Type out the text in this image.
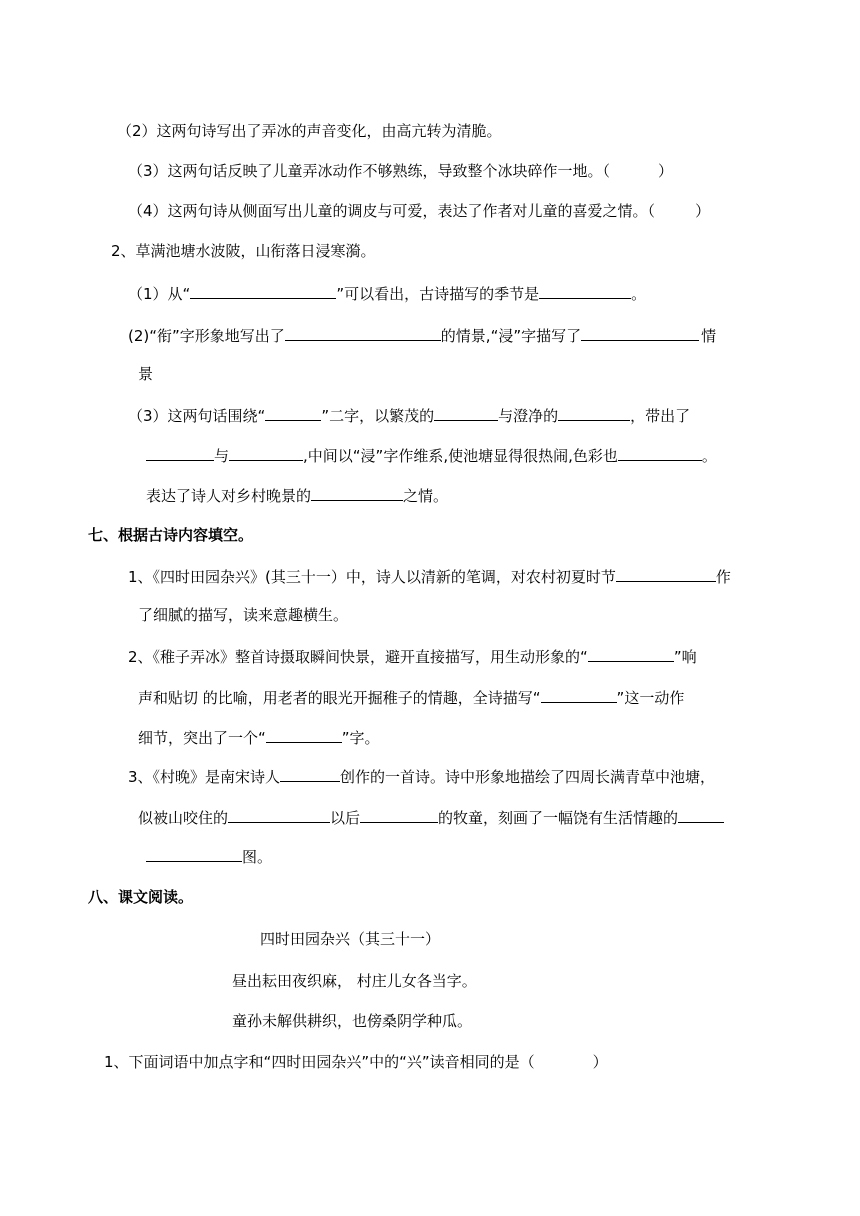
（2）这两句诗写出了弄冰的声音变化，由高亢转为清脆。
（3）这两句话反映了儿童弄冰动作不够熟练，导致整个冰块碎作一地。（	）
（4）这两句诗从侧面写出儿童的调皮与可爱，表达了作者对儿童的喜爱之情。（	）
2、草满池塘水波陂，山衔落日浸寒漪。
（1）从“	”可以看出，古诗描写的季节是	。
(2)“衔”字形象地写出了	的情景,“浸”字描写了	情
景
（3）这两句话围绕“	”二字，以繁茂的	与澄净的	，带出了
与	,中间以“浸”字作维系,使池塘显得很热闹,色彩也	。
表达了诗人对乡村晚景的	之情。
七、根据古诗内容填空。
1、《四时田园杂兴》(其三十一）中，诗人以清新的笔调，对农村初夏时节	作
了细腻的描写，读来意趣横生。
2、《稚子弄冰》整首诗摄取瞬间快景，避开直接描写，用生动形象的“	”响
声和贴切 的比喻，用老者的眼光开掘稚子的情趣，全诗描写“	”这一动作
细节，突出了一个“	”字。
3、《村晚》是南宋诗人	创作的一首诗。诗中形象地描绘了四周长满青草中池塘，
似被山咬住的	以后	的牧童，刻画了一幅饶有生活情趣的
图。
八、课文阅读。
四时田园杂兴（其三十一）
昼出耘田夜织麻， 村庄儿女各当字。
童孙未解供耕织，也傍桑阴学种瓜。
1、下面词语中加点字和“四时田园杂兴”中的“兴”读音相同的是（	）
